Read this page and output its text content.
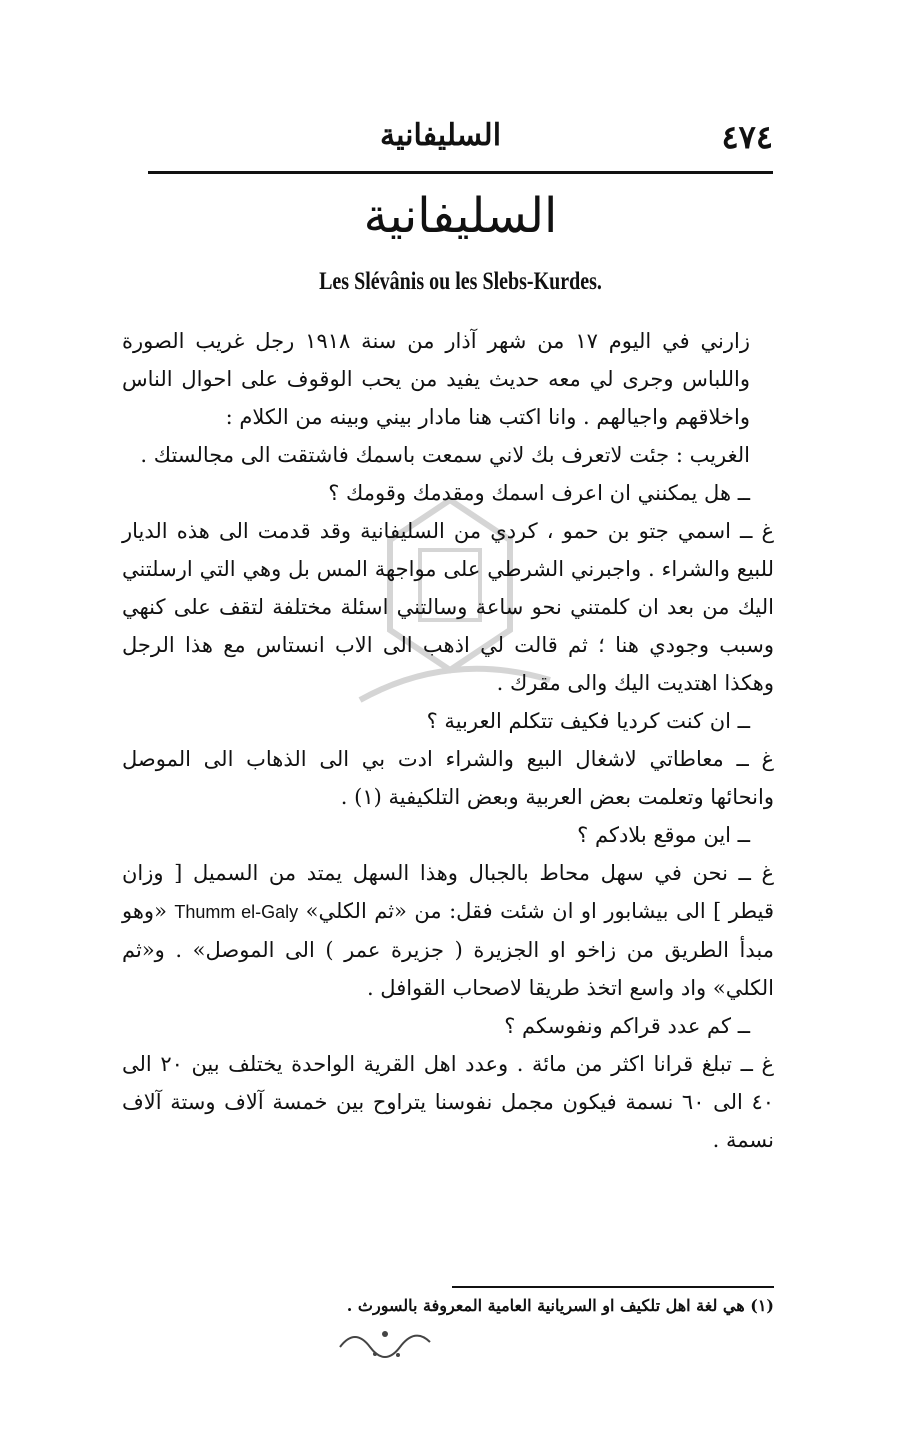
٤٧٤
السليفانية
السليفانية
Les Slévânis ou les Slebs-Kurdes.

زارني في اليوم ١٧ من شهر آذار من سنة ١٩١٨ رجل غريب الصورة واللباس وجرى لي معه حديث يفيد من يحب الوقوف على احوال الناس واخلاقهم واجيالهم . وانا اكتب هنا مادار بيني وبينه من الكلام :

الغريب : جئت لاتعرف بك لاني سمعت باسمك فاشتقت الى مجالستك .

ــ هل يمكنني ان اعرف اسمك ومقدمك وقومك ؟

غ ــ اسمي جتو بن حمو ، كردي من السليفانية وقد قدمت الى هذه الديار للبيع والشراء . واجبرني الشرطي على مواجهة المس بل وهي التي ارسلتني اليك من بعد ان كلمتني نحو ساعة وسالتني اسئلة مختلفة لتقف على كنهي وسبب وجودي هنا ؛ ثم قالت لي اذهب الى الاب انستاس مع هذا الرجل وهكذا اهتديت اليك والى مقرك .

ــ ان كنت كرديا فكيف تتكلم العربية ؟

غ ــ معاطاتي لاشغال البيع والشراء ادت بي الى الذهاب الى الموصل وانحائها وتعلمت بعض العربية وبعض التلكيفية (١) .

ــ اين موقع بلادكم ؟

غ ــ نحن في سهل محاط بالجبال وهذا السهل يمتد من السميل [ وزان قيطر ] الى بيشابور او ان شئت فقل: من «ثم الكلي» Thumm el-Galy «وهو مبدأ الطريق من زاخو او الجزيرة ( جزيرة عمر ) الى الموصل» . و«ثم الكلي» واد واسع اتخذ طريقا لاصحاب القوافل .

ــ كم عدد قراكم ونفوسكم ؟

غ ــ تبلغ قرانا اكثر من مائة . وعدد اهل القرية الواحدة يختلف بين ٢٠ الى ٤٠ الى ٦٠ نسمة فيكون مجمل نفوسنا يتراوح بين خمسة آلاف وستة آلاف نسمة .

(١) هي لغة اهل تلكيف او السريانية العامية المعروفة بالسورث .
